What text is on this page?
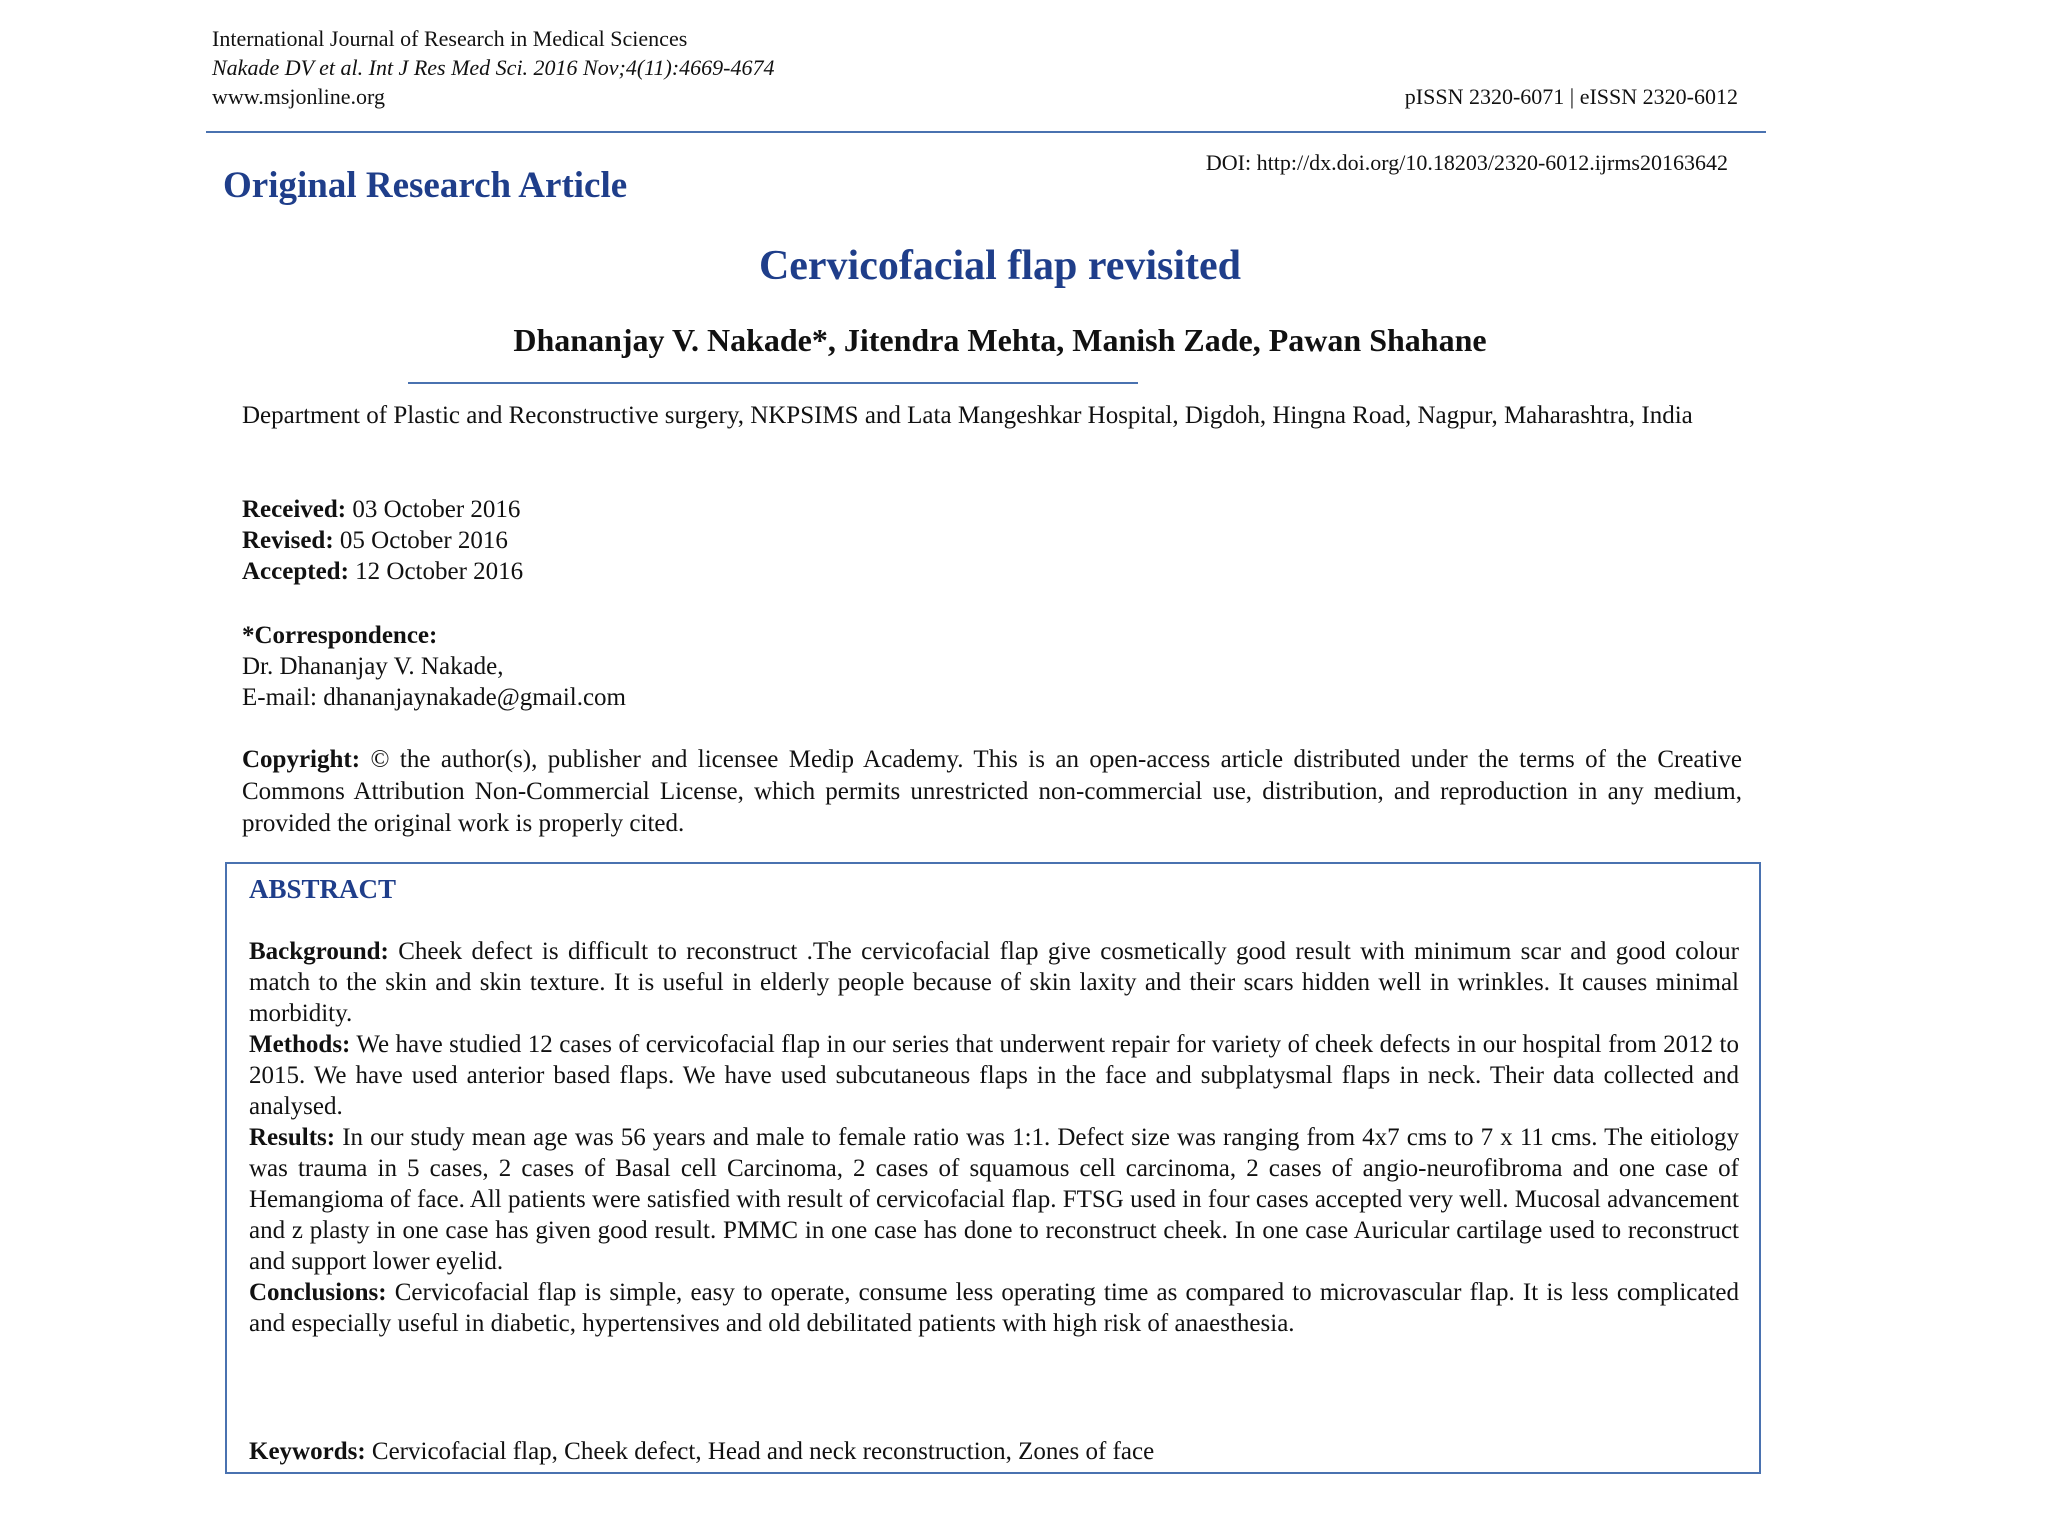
International Journal of Research in Medical Sciences
Nakade DV et al. Int J Res Med Sci. 2016 Nov;4(11):4669-4674
www.msjonline.org	pISSN 2320-6071 | eISSN 2320-6012
DOI: http://dx.doi.org/10.18203/2320-6012.ijrms20163642
Original Research Article
Cervicofacial flap revisited
Dhananjay V. Nakade*, Jitendra Mehta, Manish Zade, Pawan Shahane
Department of Plastic and Reconstructive surgery, NKPSIMS and Lata Mangeshkar Hospital, Digdoh, Hingna Road, Nagpur, Maharashtra, India
Received: 03 October 2016
Revised: 05 October 2016
Accepted: 12 October 2016
*Correspondence:
Dr. Dhananjay V. Nakade,
E-mail: dhananjaynakade@gmail.com
Copyright: © the author(s), publisher and licensee Medip Academy. This is an open-access article distributed under the terms of the Creative Commons Attribution Non-Commercial License, which permits unrestricted non-commercial use, distribution, and reproduction in any medium, provided the original work is properly cited.
ABSTRACT

Background: Cheek defect is difficult to reconstruct .The cervicofacial flap give cosmetically good result with minimum scar and good colour match to the skin and skin texture. It is useful in elderly people because of skin laxity and their scars hidden well in wrinkles. It causes minimal morbidity.

Methods: We have studied 12 cases of cervicofacial flap in our series that underwent repair for variety of cheek defects in our hospital from 2012 to 2015. We have used anterior based flaps. We have used subcutaneous flaps in the face and subplatysmal flaps in neck. Their data collected and analysed.

Results: In our study mean age was 56 years and male to female ratio was 1:1. Defect size was ranging from 4x7 cms to 7 x 11 cms. The eitiology was trauma in 5 cases, 2 cases of Basal cell Carcinoma, 2 cases of squamous cell carcinoma, 2 cases of angio-neurofibroma and one case of Hemangioma of face. All patients were satisfied with result of cervicofacial flap. FTSG used in four cases accepted very well. Mucosal advancement and z plasty in one case has given good result. PMMC in one case has done to reconstruct cheek. In one case Auricular cartilage used to reconstruct and support lower eyelid.

Conclusions: Cervicofacial flap is simple, easy to operate, consume less operating time as compared to microvascular flap. It is less complicated and especially useful in diabetic, hypertensives and old debilitated patients with high risk of anaesthesia.

Keywords: Cervicofacial flap, Cheek defect, Head and neck reconstruction, Zones of face
